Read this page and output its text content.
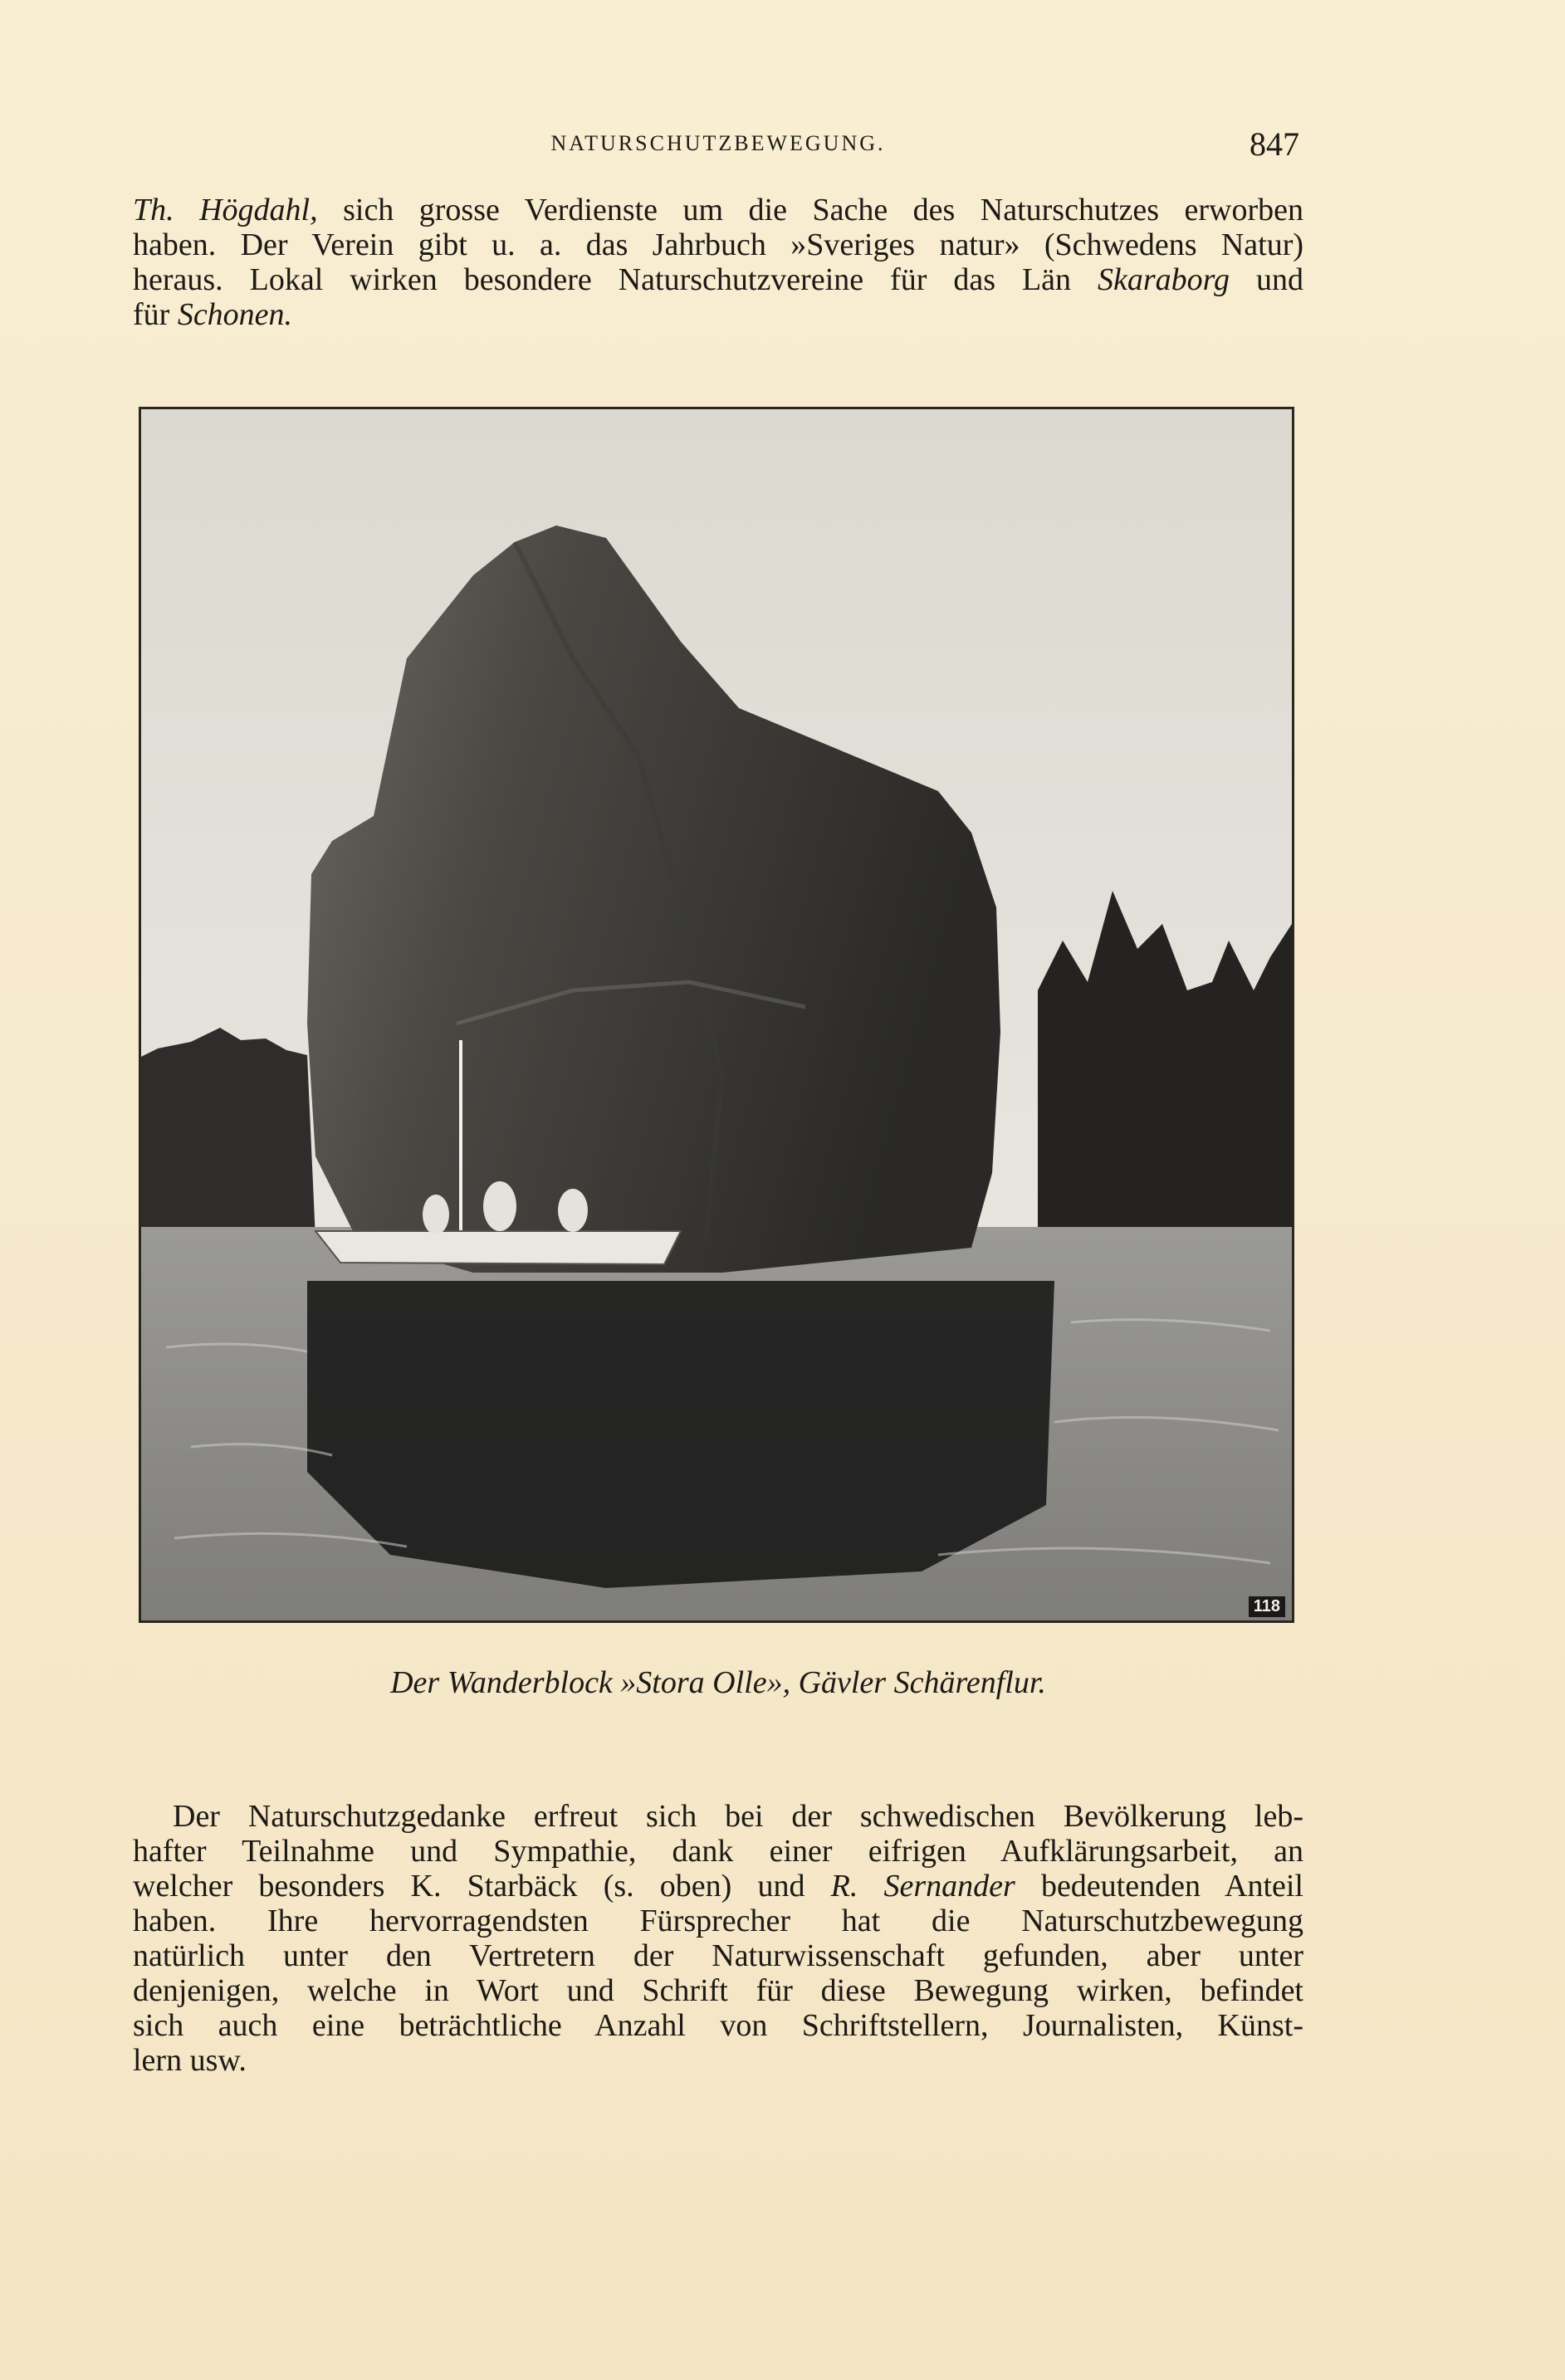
NATURSCHUTZBEWEGUNG.	847
Th. Högdahl, sich grosse Verdienste um die Sache des Naturschutzes erworben
haben. Der Verein gibt u. a. das Jahrbuch »Sveriges natur» (Schwedens Natur)
heraus. Lokal wirken besondere Naturschutzvereine für das Län Skaraborg und
für Schonen.
118
Der Wanderblock »Stora Olle», Gävler Schärenflur.
Der Naturschutzgedanke erfreut sich bei der schwedischen Bevölkerung leb-
hafter Teilnahme und Sympathie, dank einer eifrigen Aufklärungsarbeit, an
welcher besonders K. Starbäck (s. oben) und R. Sernander bedeutenden Anteil
haben. Ihre hervorragendsten Fürsprecher hat die Naturschutzbewegung
natürlich unter den Vertretern der Naturwissenschaft gefunden, aber unter
denjenigen, welche in Wort und Schrift für diese Bewegung wirken, befindet
sich auch eine beträchtliche Anzahl von Schriftstellern, Journalisten, Künst-
lern usw.
